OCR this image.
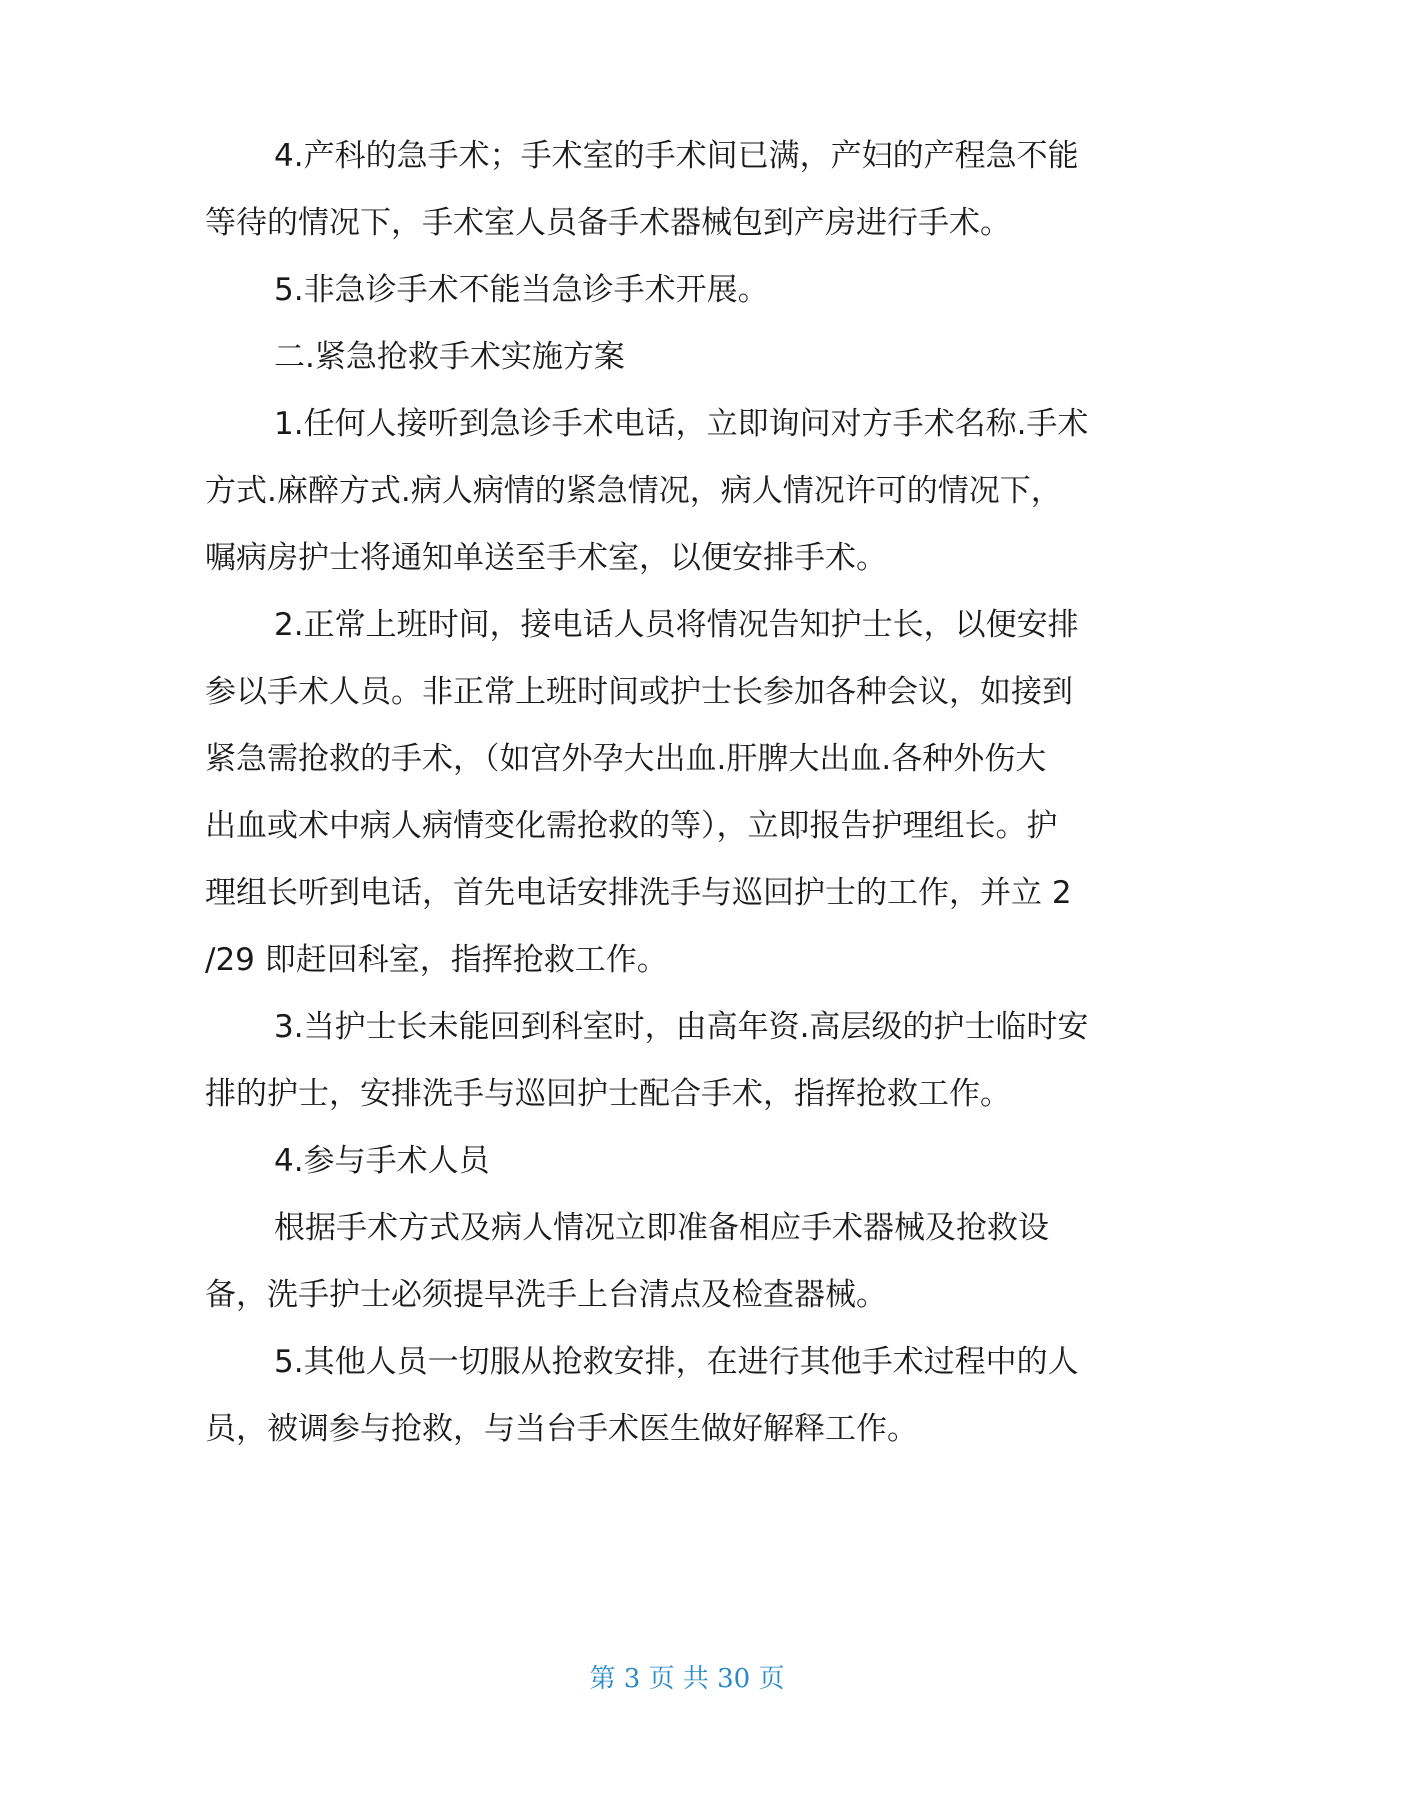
4.产科的急手术；手术室的手术间已满，产妇的产程急不能
等待的情况下，手术室人员备手术器械包到产房进行手术。
5.非急诊手术不能当急诊手术开展。
二.紧急抢救手术实施方案
1.任何人接听到急诊手术电话，立即询问对方手术名称.手术
方式.麻醉方式.病人病情的紧急情况，病人情况许可的情况下，
嘱病房护士将通知单送至手术室，以便安排手术。
2.正常上班时间，接电话人员将情况告知护士长，以便安排
参以手术人员。非正常上班时间或护士长参加各种会议，如接到
紧急需抢救的手术，（如宫外孕大出血.肝脾大出血.各种外伤大
出血或术中病人病情变化需抢救的等），立即报告护理组长。护
理组长听到电话，首先电话安排洗手与巡回护士的工作，并立 2
/29 即赶回科室，指挥抢救工作。
3.当护士长未能回到科室时，由高年资.高层级的护士临时安
排的护士，安排洗手与巡回护士配合手术，指挥抢救工作。
4.参与手术人员
根据手术方式及病人情况立即准备相应手术器械及抢救设
备，洗手护士必须提早洗手上台清点及检查器械。
5.其他人员一切服从抢救安排，在进行其他手术过程中的人
员，被调参与抢救，与当台手术医生做好解释工作。
第 3 页 共 30 页
